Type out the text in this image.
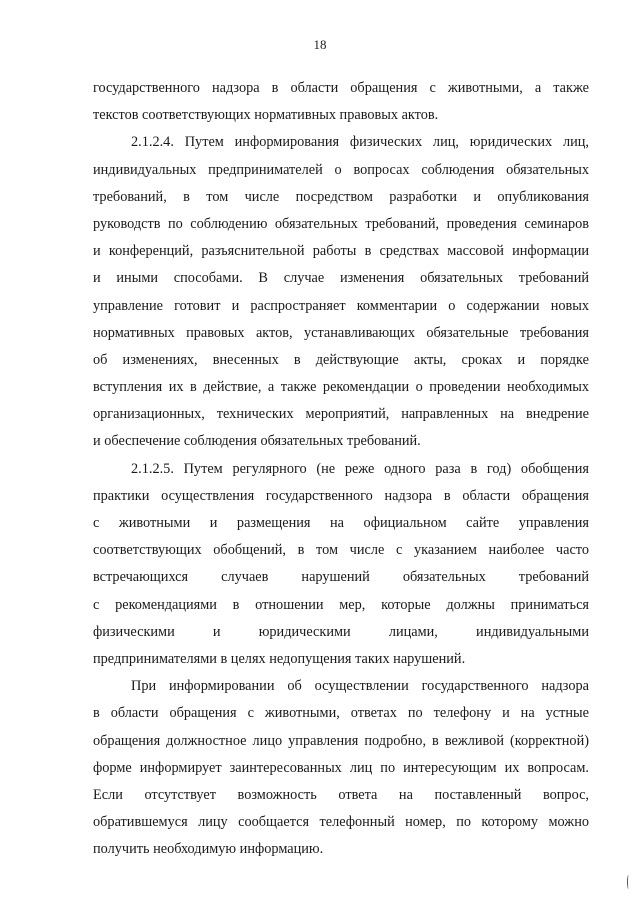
18
государственного надзора в области обращения с животными, а также
текстов соответствующих нормативных правовых актов.
2.1.2.4. Путем информирования физических лиц, юридических лиц,
индивидуальных предпринимателей о вопросах соблюдения обязательных
требований, в том числе посредством разработки и опубликования
руководств по соблюдению обязательных требований, проведения семинаров
и конференций, разъяснительной работы в средствах массовой информации
и иными способами. В случае изменения обязательных требований
управление готовит и распространяет комментарии о содержании новых
нормативных правовых актов, устанавливающих обязательные требования
об изменениях, внесенных в действующие акты, сроках и порядке
вступления их в действие, а также рекомендации о проведении необходимых
организационных, технических мероприятий, направленных на внедрение
и обеспечение соблюдения обязательных требований.
2.1.2.5. Путем регулярного (не реже одного раза в год) обобщения
практики осуществления государственного надзора в области обращения
с животными и размещения на официальном сайте управления
соответствующих обобщений, в том числе с указанием наиболее часто
встречающихся случаев нарушений обязательных требований
с рекомендациями в отношении мер, которые должны приниматься
физическими и юридическими лицами, индивидуальными
предпринимателями в целях недопущения таких нарушений.
При информировании об осуществлении государственного надзора
в области обращения с животными, ответах по телефону и на устные
обращения должностное лицо управления подробно, в вежливой (корректной)
форме информирует заинтересованных лиц по интересующим их вопросам.
Если отсутствует возможность ответа на поставленный вопрос,
обратившемуся лицу сообщается телефонный номер, по которому можно
получить необходимую информацию.
